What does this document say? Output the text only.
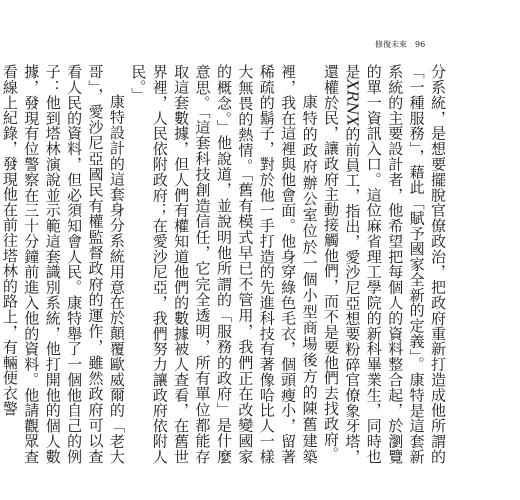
修復未來 96

分系統，是想要擺脫官僚政治，把政府重新打造成他所謂的「一種服務」，藉此「賦予國家全新的定義」。康特是這套新系統的主要設計者，他希望把每個人的資料整合起，於瀏覽的單一資訊入口。這位麻省理工學院的新科畢業生，同時也是𝑋𝑅𝑁𝑋的前員工，指出，愛沙尼亞想要粉碎官僚象牙塔，還權於民，讓政府主動接觸他們，而不是要他們去找政府。

康特的政府辦公室位於一個小型商場後方的陳舊建築裡，我在這裡與他會面。他身穿綠色毛衣，個頭瘦小，留著稀疏的鬍子，對於他一手打造的先進科技有著像哈比人一樣大無畏的熱情。「舊有模式早已不管用，我們正在改變國家的概念。」他說道，並說明他所謂的「服務的政府」是什麼意思。「這套科技創造信任，它完全透明，所有單位都能存取這套數據，但人們有權知道他們的數據被人查看，在舊世界裡，人民依附政府；在愛沙尼亞，我們努力讓政府依附人民。」

康特設計的這套身分系統用意在於顛覆歐威爾的「老大哥」，愛沙尼亞國民有權監督政府的運作，雖然政府可以查看人民的資料，但必須知會人民。康特舉了一個他自己的例子：他到塔林演說並示範這套識別系統，他打開他的個人數據，發現有位警察在三十分鐘前進入他的資料。他請觀眾查看線上紀錄，發現他在前往塔林的路上，有輛便衣警
